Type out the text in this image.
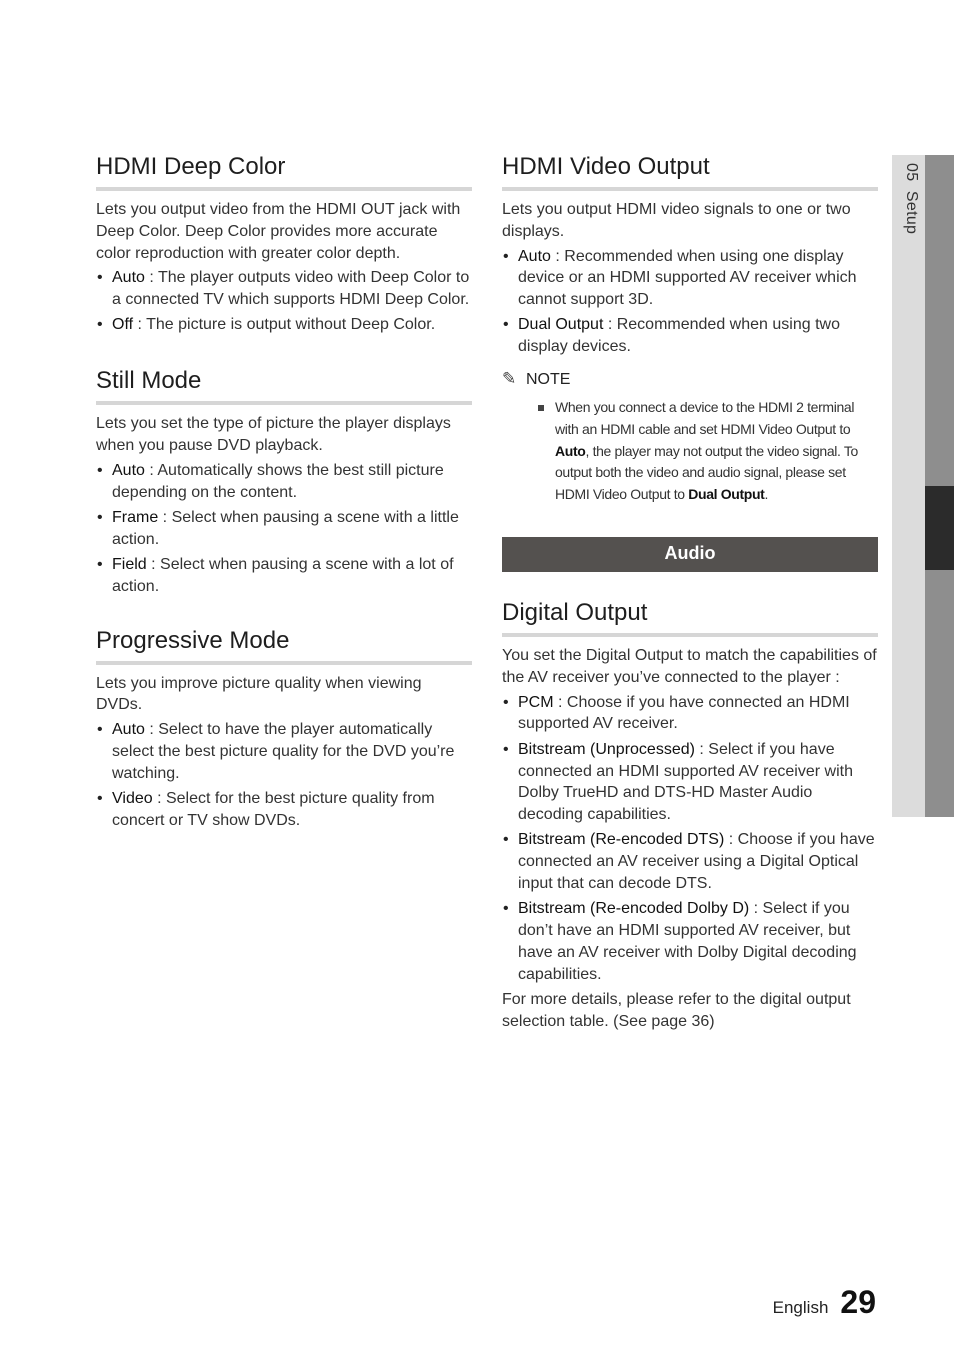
HDMI Deep Color

Lets you output video from the HDMI OUT jack with Deep Color. Deep Color provides more accurate color reproduction with greater color depth.

• Auto : The player outputs video with Deep Color to a connected TV which supports HDMI Deep Color.
• Off : The picture is output without Deep Color.
Still Mode

Lets you set the type of picture the player displays when you pause DVD playback.

• Auto : Automatically shows the best still picture depending on the content.
• Frame : Select when pausing a scene with a little action.
• Field : Select when pausing a scene with a lot of action.
Progressive Mode

Lets you improve picture quality when viewing DVDs.

• Auto : Select to have the player automatically select the best picture quality for the DVD you’re watching.
• Video : Select for the best picture quality from concert or TV show DVDs.
HDMI Video Output

Lets you output HDMI video signals to one or two displays.

• Auto : Recommended when using one display device or an HDMI supported AV receiver which cannot support 3D.
• Dual Output : Recommended when using two display devices.
✎ NOTE
When you connect a device to the HDMI 2 terminal with an HDMI cable and set HDMI Video Output to Auto, the player may not output the video signal. To output both the video and audio signal, please set HDMI Video Output to Dual Output.
Audio
Digital Output

You set the Digital Output to match the capabilities of the AV receiver you’ve connected to the player :

• PCM : Choose if you have connected an HDMI supported AV receiver.
• Bitstream (Unprocessed) : Select if you have connected an HDMI supported AV receiver with Dolby TrueHD and DTS-HD Master Audio decoding capabilities.
• Bitstream (Re-encoded DTS) : Choose if you have connected an AV receiver using a Digital Optical input that can decode DTS.
• Bitstream (Re-encoded Dolby D) : Select if you don’t have an HDMI supported AV receiver, but have an AV receiver with Dolby Digital decoding capabilities.

For more details, please refer to the digital output selection table. (See page 36)

05  Setup
English 29
